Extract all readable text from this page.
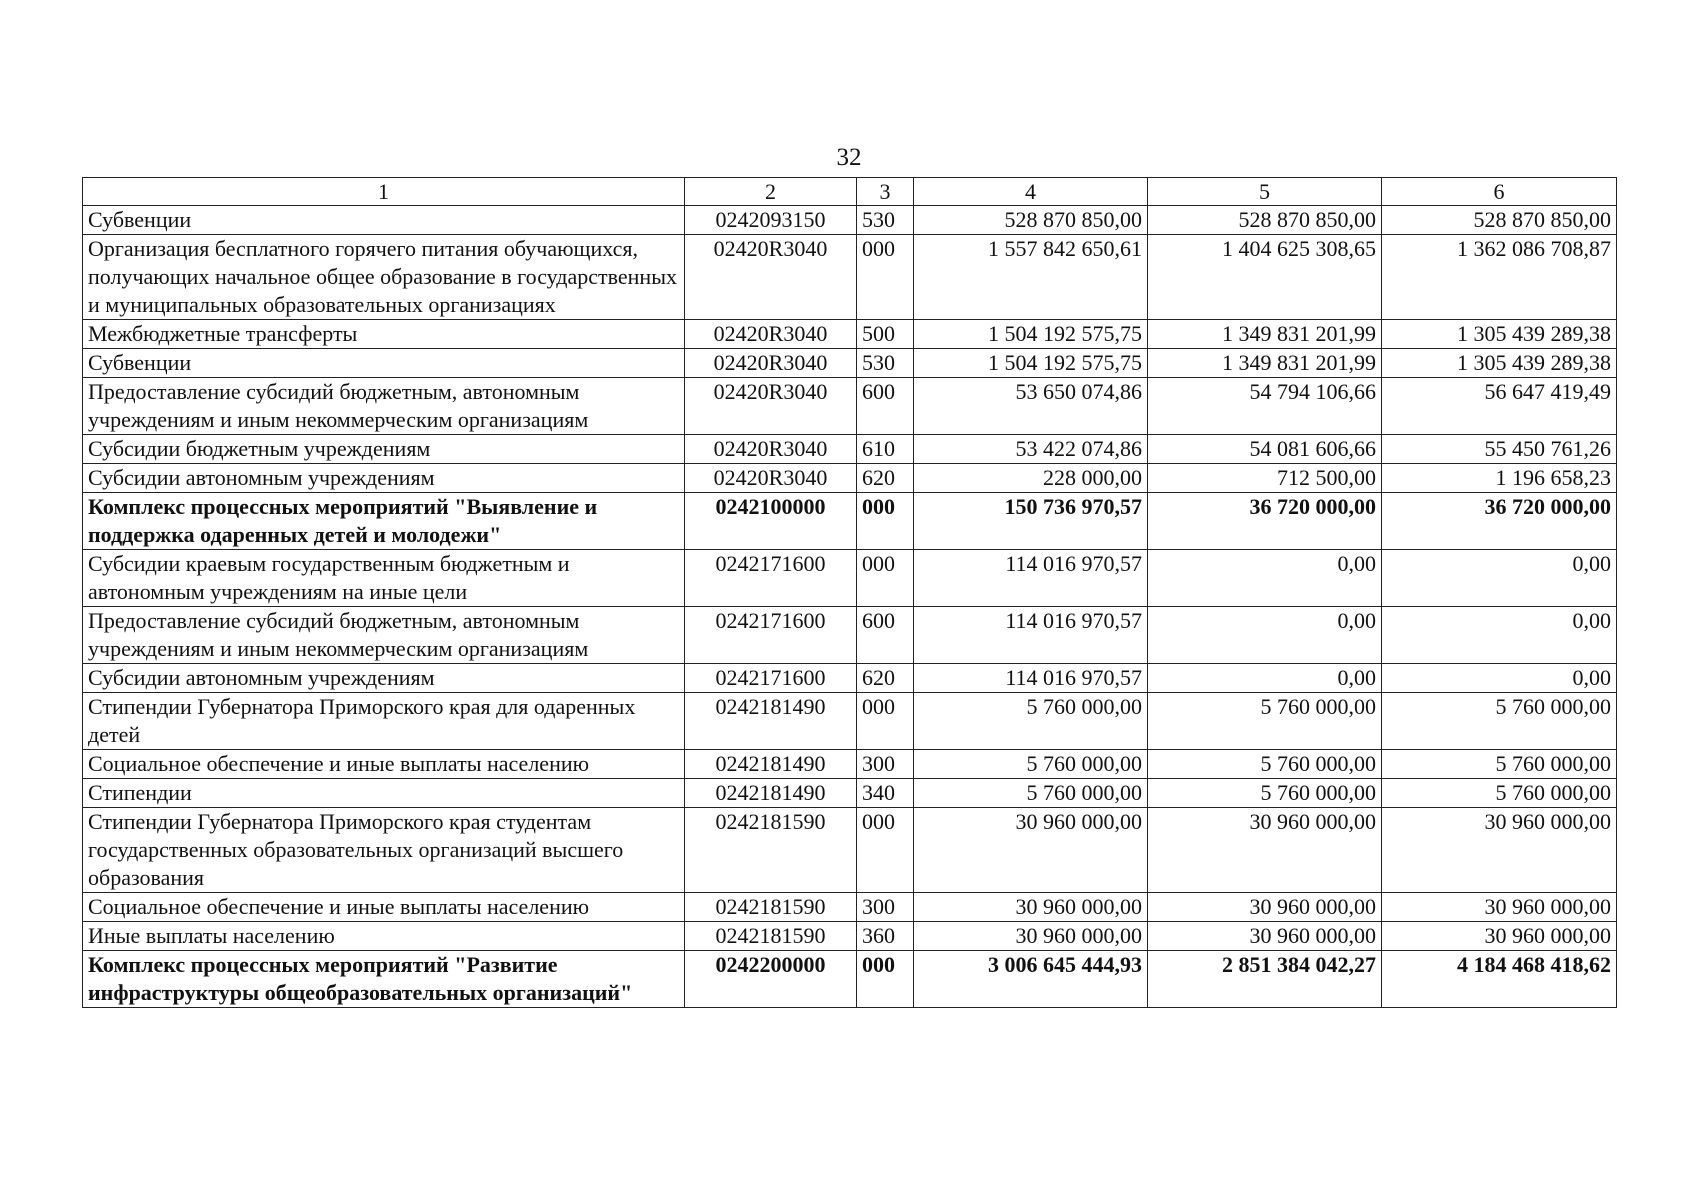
32
1	2	3	4	5	6
Субвенции	0242093150	530	528 870 850,00	528 870 850,00	528 870 850,00
Организация бесплатного горячего питания обучающихся, получающих начальное общее образование в государственных и муниципальных образовательных организациях	02420R3040	000	1 557 842 650,61	1 404 625 308,65	1 362 086 708,87
Межбюджетные трансферты	02420R3040	500	1 504 192 575,75	1 349 831 201,99	1 305 439 289,38
Субвенции	02420R3040	530	1 504 192 575,75	1 349 831 201,99	1 305 439 289,38
Предоставление субсидий бюджетным, автономным учреждениям и иным некоммерческим организациям	02420R3040	600	53 650 074,86	54 794 106,66	56 647 419,49
Субсидии бюджетным учреждениям	02420R3040	610	53 422 074,86	54 081 606,66	55 450 761,26
Субсидии автономным учреждениям	02420R3040	620	228 000,00	712 500,00	1 196 658,23
Комплекс процессных мероприятий "Выявление и поддержка одаренных детей и молодежи"	0242100000	000	150 736 970,57	36 720 000,00	36 720 000,00
Субсидии краевым государственным бюджетным и автономным учреждениям на иные цели	0242171600	000	114 016 970,57	0,00	0,00
Предоставление субсидий бюджетным, автономным учреждениям и иным некоммерческим организациям	0242171600	600	114 016 970,57	0,00	0,00
Субсидии автономным учреждениям	0242171600	620	114 016 970,57	0,00	0,00
Стипендии Губернатора Приморского края для одаренных детей	0242181490	000	5 760 000,00	5 760 000,00	5 760 000,00
Социальное обеспечение и иные выплаты населению	0242181490	300	5 760 000,00	5 760 000,00	5 760 000,00
Стипендии	0242181490	340	5 760 000,00	5 760 000,00	5 760 000,00
Стипендии Губернатора Приморского края студентам государственных образовательных организаций высшего образования	0242181590	000	30 960 000,00	30 960 000,00	30 960 000,00
Социальное обеспечение и иные выплаты населению	0242181590	300	30 960 000,00	30 960 000,00	30 960 000,00
Иные выплаты населению	0242181590	360	30 960 000,00	30 960 000,00	30 960 000,00
Комплекс процессных мероприятий "Развитие инфраструктуры общеобразовательных организаций"	0242200000	000	3 006 645 444,93	2 851 384 042,27	4 184 468 418,62
